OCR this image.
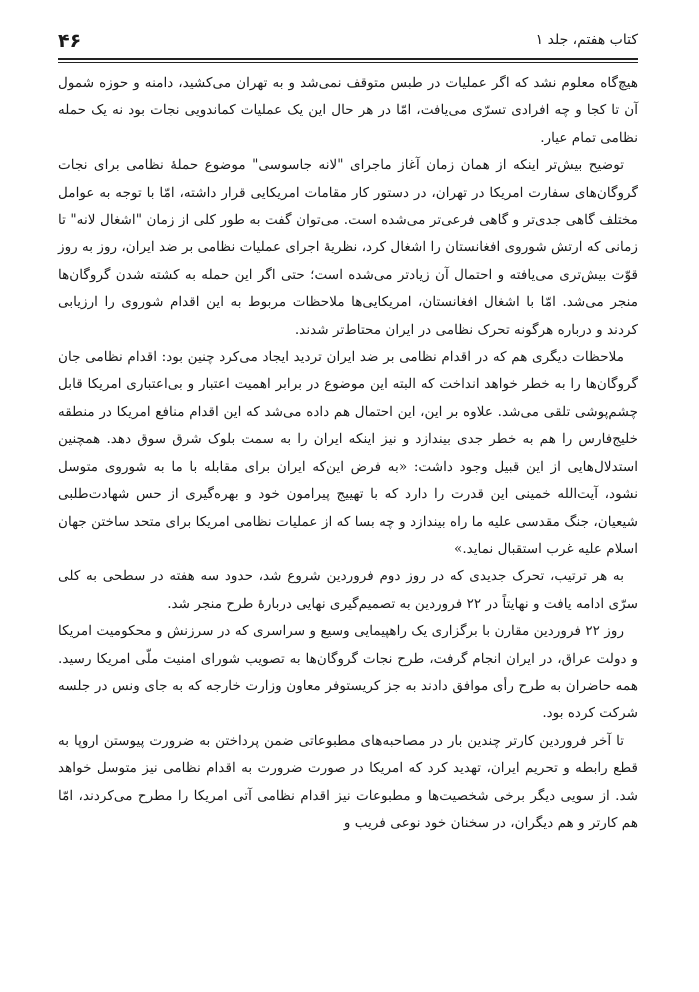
۴۶	کتاب هفتم، جلد ۱

هیچ‌گاه معلوم نشد که اگر عملیات در طبس متوقف نمی‌شد و به تهران می‌کشید، دامنه و حوزه شمول آن تا کجا و چه افرادی تسرّی می‌یافت، امّا در هر حال این یک عملیات کماندویی نجات بود نه یک حمله نظامی تمام عیار.

توضیح بیش‌تر اینکه از همان زمان آغاز ماجرای "لانه جاسوسی" موضوع حملهٔ نظامی برای نجات گروگان‌های سفارت امریکا در تهران، در دستور کار مقامات امریکایی قرار داشته، امّا با توجه به عوامل مختلف گاهی جدی‌تر و گاهی فرعی‌تر می‌شده است. می‌توان گفت به طور کلی از زمان "اشغال لانه" تا زمانی که ارتش شوروی افغانستان را اشغال کرد، نظریهٔ اجرای عملیات نظامی بر ضد ایران، روز به روز قوّت بیش‌تری می‌یافته و احتمال آن زیادتر می‌شده است؛ حتی اگر این حمله به کشته شدن گروگان‌ها منجر می‌شد. امّا با اشغال افغانستان، امریکایی‌ها ملاحظات مربوط به این اقدام شوروی را ارزیابی کردند و درباره هرگونه تحرک نظامی در ایران محتاط‌تر شدند.

ملاحظات دیگری هم که در اقدام نظامی بر ضد ایران تردید ایجاد می‌کرد چنین بود: اقدام نظامی جان گروگان‌ها را به خطر خواهد انداخت که البته این موضوع در برابر اهمیت اعتبار و بی‌اعتباری امریکا قابل چشم‌پوشی تلقی می‌شد. علاوه بر این، این احتمال هم داده می‌شد که این اقدام منافع امریکا در منطقه خلیج‌فارس را هم به خطر جدی بیندازد و نیز اینکه ایران را به سمت بلوک شرق سوق دهد. همچنین استدلال‌هایی از این قبیل وجود داشت: «به فرض این‌که ایران برای مقابله با ما به شوروی متوسل نشود، آیت‌الله خمینی این قدرت را دارد که با تهییج پیرامون خود و بهره‌گیری از حس شهادت‌طلبی شیعیان، جنگ مقدسی علیه ما راه بیندازد و چه بسا که از عملیات نظامی امریکا برای متحد ساختن جهان اسلام علیه غرب استقبال نماید.»

به هر ترتیب، تحرک جدیدی که در روز دوم فروردین شروع شد، حدود سه هفته در سطحی به کلی سرّی ادامه یافت و نهایتاً در ۲۲ فروردین به تصمیم‌گیری نهایی دربارهٔ طرح منجر شد.

روز ۲۲ فروردین مقارن با برگزاری یک راهپیمایی وسیع و سراسری که در سرزنش و محکومیت امریکا و دولت عراق، در ایران انجام گرفت، طرح نجات گروگان‌ها به تصویب شورای امنیت ملّی امریکا رسید. همه حاضران به طرح رأی موافق دادند به جز کریستوفر معاون وزارت خارجه که به جای ونس در جلسه شرکت کرده بود.

تا آخر فروردین کارتر چندین بار در مصاحبه‌های مطبوعاتی ضمن پرداختن به ضرورت پیوستن اروپا به قطع رابطه و تحریم ایران، تهدید کرد که امریکا در صورت ضرورت به اقدام نظامی نیز متوسل خواهد شد. از سویی دیگر برخی شخصیت‌ها و مطبوعات نیز اقدام نظامی آتی امریکا را مطرح می‌کردند، امّا هم کارتر و هم دیگران، در سخنان خود نوعی فریب و
